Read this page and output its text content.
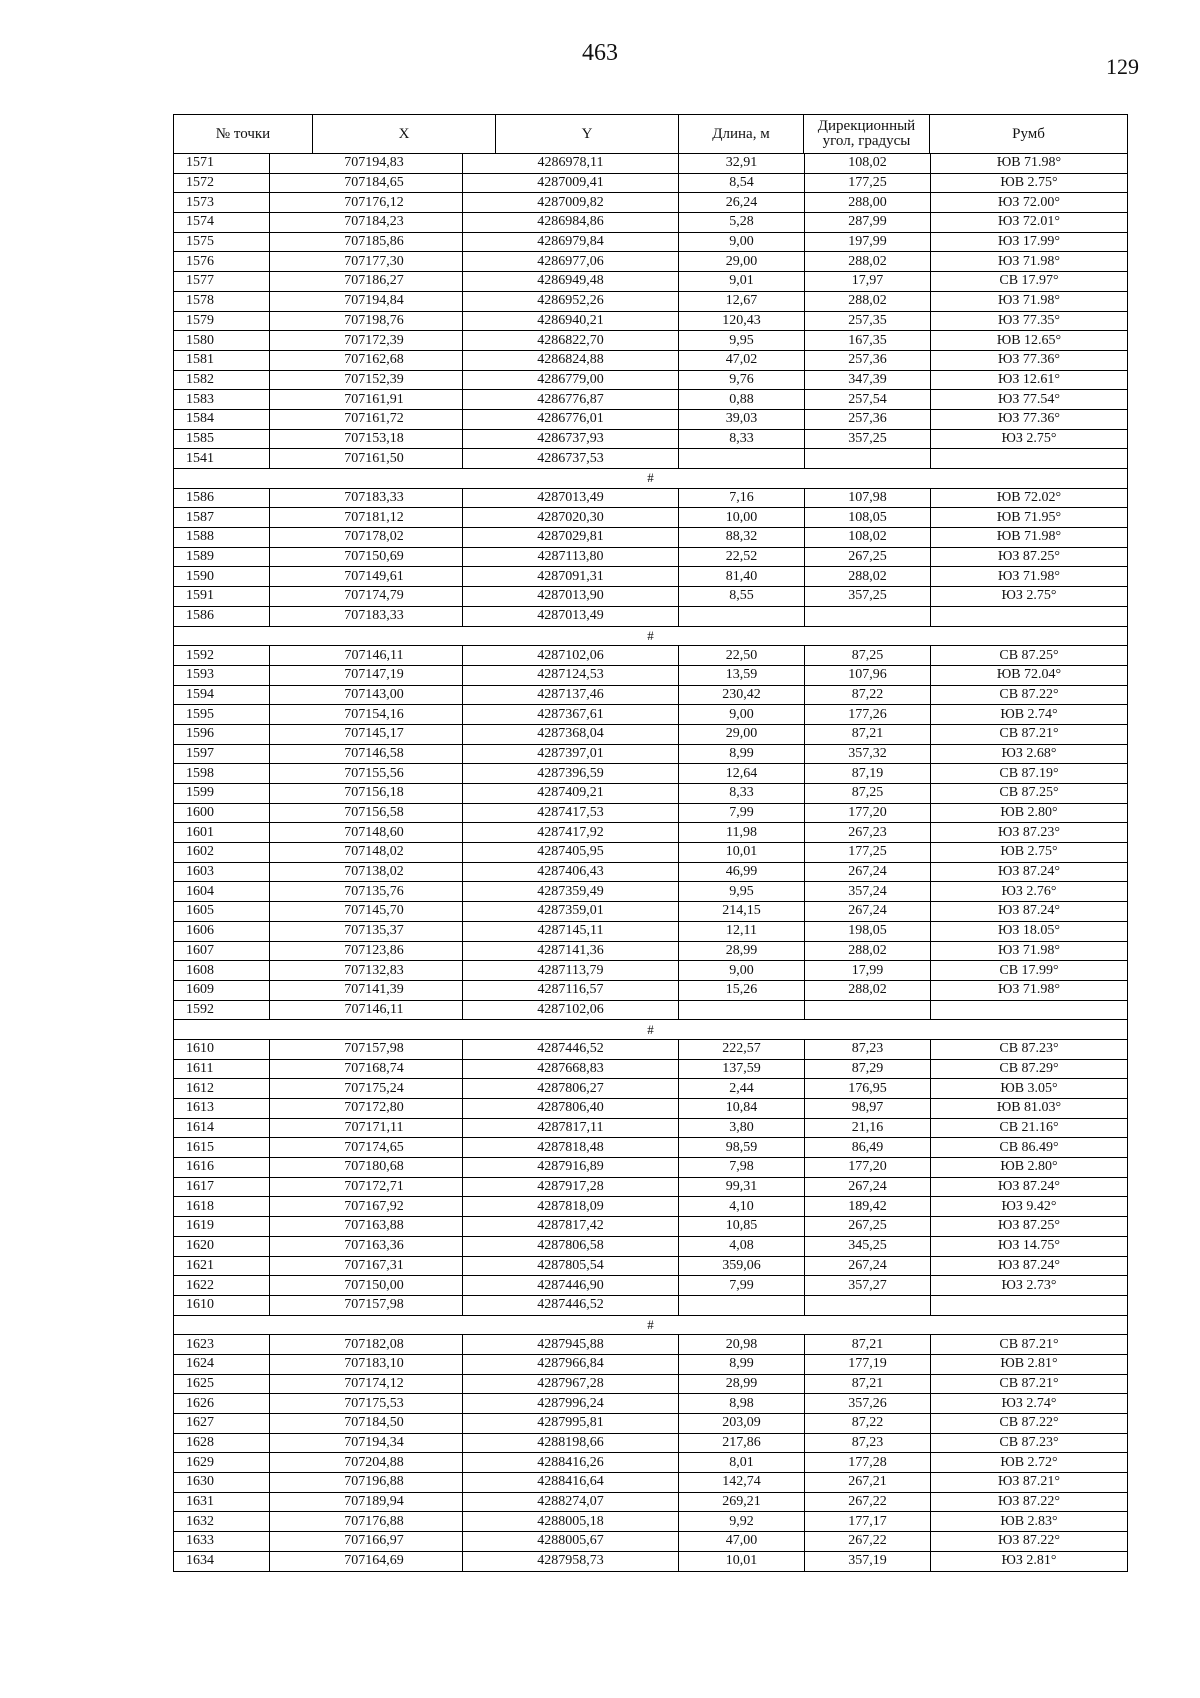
463
129
№ точки	X	Y	Длина, м	Дирекционный угол, градусы	Румб
1571	707194,83	4286978,11	32,91	108,02	ЮВ 71.98°
1572	707184,65	4287009,41	8,54	177,25	ЮВ 2.75°
1573	707176,12	4287009,82	26,24	288,00	ЮЗ 72.00°
1574	707184,23	4286984,86	5,28	287,99	ЮЗ 72.01°
1575	707185,86	4286979,84	9,00	197,99	ЮЗ 17.99°
1576	707177,30	4286977,06	29,00	288,02	ЮЗ 71.98°
1577	707186,27	4286949,48	9,01	17,97	СВ 17.97°
1578	707194,84	4286952,26	12,67	288,02	ЮЗ 71.98°
1579	707198,76	4286940,21	120,43	257,35	ЮЗ 77.35°
1580	707172,39	4286822,70	9,95	167,35	ЮВ 12.65°
1581	707162,68	4286824,88	47,02	257,36	ЮЗ 77.36°
1582	707152,39	4286779,00	9,76	347,39	ЮЗ 12.61°
1583	707161,91	4286776,87	0,88	257,54	ЮЗ 77.54°
1584	707161,72	4286776,01	39,03	257,36	ЮЗ 77.36°
1585	707153,18	4286737,93	8,33	357,25	ЮЗ 2.75°
1541	707161,50	4286737,53			
#					
1586	707183,33	4287013,49	7,16	107,98	ЮВ 72.02°
1587	707181,12	4287020,30	10,00	108,05	ЮВ 71.95°
1588	707178,02	4287029,81	88,32	108,02	ЮВ 71.98°
1589	707150,69	4287113,80	22,52	267,25	ЮЗ 87.25°
1590	707149,61	4287091,31	81,40	288,02	ЮЗ 71.98°
1591	707174,79	4287013,90	8,55	357,25	ЮЗ 2.75°
1586	707183,33	4287013,49			
#					
1592	707146,11	4287102,06	22,50	87,25	СВ 87.25°
1593	707147,19	4287124,53	13,59	107,96	ЮВ 72.04°
1594	707143,00	4287137,46	230,42	87,22	СВ 87.22°
1595	707154,16	4287367,61	9,00	177,26	ЮВ 2.74°
1596	707145,17	4287368,04	29,00	87,21	СВ 87.21°
1597	707146,58	4287397,01	8,99	357,32	ЮЗ 2.68°
1598	707155,56	4287396,59	12,64	87,19	СВ 87.19°
1599	707156,18	4287409,21	8,33	87,25	СВ 87.25°
1600	707156,58	4287417,53	7,99	177,20	ЮВ 2.80°
1601	707148,60	4287417,92	11,98	267,23	ЮЗ 87.23°
1602	707148,02	4287405,95	10,01	177,25	ЮВ 2.75°
1603	707138,02	4287406,43	46,99	267,24	ЮЗ 87.24°
1604	707135,76	4287359,49	9,95	357,24	ЮЗ 2.76°
1605	707145,70	4287359,01	214,15	267,24	ЮЗ 87.24°
1606	707135,37	4287145,11	12,11	198,05	ЮЗ 18.05°
1607	707123,86	4287141,36	28,99	288,02	ЮЗ 71.98°
1608	707132,83	4287113,79	9,00	17,99	СВ 17.99°
1609	707141,39	4287116,57	15,26	288,02	ЮЗ 71.98°
1592	707146,11	4287102,06			
#					
1610	707157,98	4287446,52	222,57	87,23	СВ 87.23°
1611	707168,74	4287668,83	137,59	87,29	СВ 87.29°
1612	707175,24	4287806,27	2,44	176,95	ЮВ 3.05°
1613	707172,80	4287806,40	10,84	98,97	ЮВ 81.03°
1614	707171,11	4287817,11	3,80	21,16	СВ 21.16°
1615	707174,65	4287818,48	98,59	86,49	СВ 86.49°
1616	707180,68	4287916,89	7,98	177,20	ЮВ 2.80°
1617	707172,71	4287917,28	99,31	267,24	ЮЗ 87.24°
1618	707167,92	4287818,09	4,10	189,42	ЮЗ 9.42°
1619	707163,88	4287817,42	10,85	267,25	ЮЗ 87.25°
1620	707163,36	4287806,58	4,08	345,25	ЮЗ 14.75°
1621	707167,31	4287805,54	359,06	267,24	ЮЗ 87.24°
1622	707150,00	4287446,90	7,99	357,27	ЮЗ 2.73°
1610	707157,98	4287446,52			
#					
1623	707182,08	4287945,88	20,98	87,21	СВ 87.21°
1624	707183,10	4287966,84	8,99	177,19	ЮВ 2.81°
1625	707174,12	4287967,28	28,99	87,21	СВ 87.21°
1626	707175,53	4287996,24	8,98	357,26	ЮЗ 2.74°
1627	707184,50	4287995,81	203,09	87,22	СВ 87.22°
1628	707194,34	4288198,66	217,86	87,23	СВ 87.23°
1629	707204,88	4288416,26	8,01	177,28	ЮВ 2.72°
1630	707196,88	4288416,64	142,74	267,21	ЮЗ 87.21°
1631	707189,94	4288274,07	269,21	267,22	ЮЗ 87.22°
1632	707176,88	4288005,18	9,92	177,17	ЮВ 2.83°
1633	707166,97	4288005,67	47,00	267,22	ЮЗ 87.22°
1634	707164,69	4287958,73	10,01	357,19	ЮЗ 2.81°
